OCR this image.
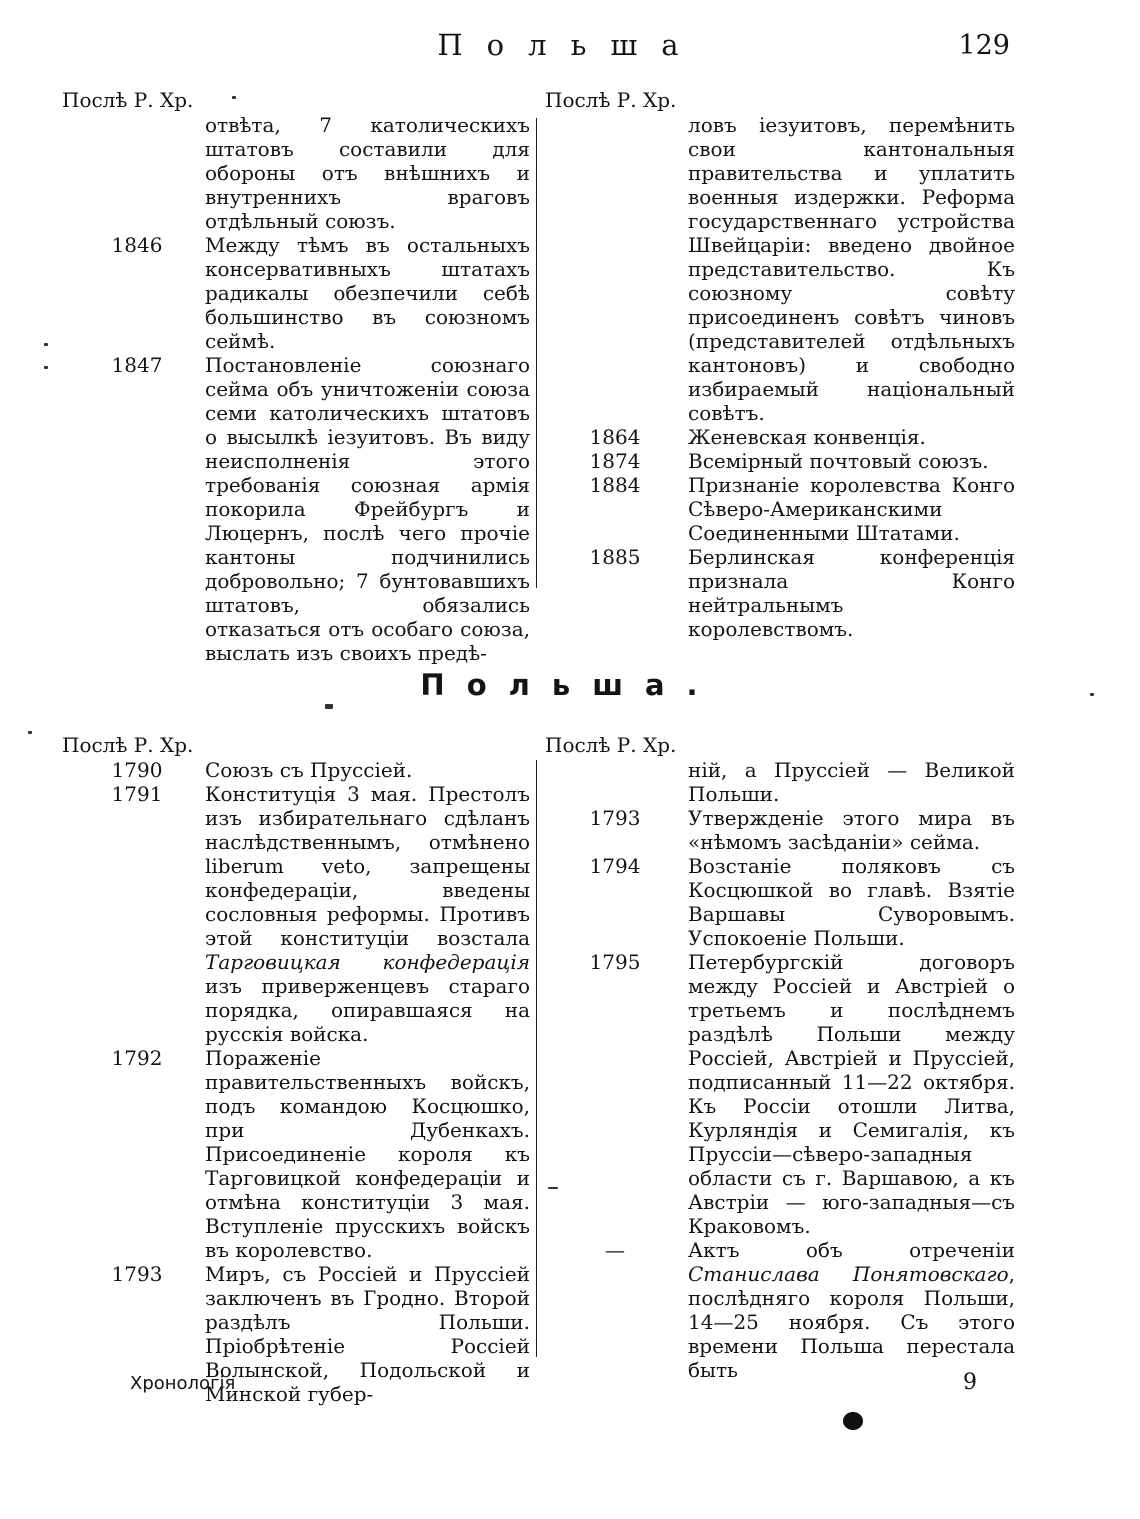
Польша	129
Послѣ Р. Хр.
отвѣта, 7 католическихъ штатовъ составили для обороны отъ внѣшнихъ и внутреннихъ враговъ отдѣльный союзъ.
1846	Между тѣмъ въ остальныхъ консервативныхъ штатахъ радикалы обезпечили себѣ большинство въ союзномъ сеймѣ.
1847	Постановленіе союзнаго сейма объ уничтоженіи союза семи католическихъ штатовъ о высылкѣ іезуитовъ. Въ виду неисполненія этого требованія союзная армія покорила Фрейбургъ и Люцернъ, послѣ чего прочіе кантоны подчинились добровольно; 7 бунтовавшихъ штатовъ, обязались отказаться отъ особаго союза, выслать изъ своихъ предѣ-
Послѣ Р. Хр.
ловъ іезуитовъ, перемѣнить свои кантональныя правительства и уплатить военныя издержки. Реформа государственнаго устройства Швейцаріи: введено двойное представительство. Къ союзному совѣту присоединенъ совѣтъ чиновъ (представителей отдѣльныхъ кантоновъ) и свободно избираемый національный совѣтъ.
1864	Женевская конвенція.
1874	Всемірный почтовый союзъ.
1884	Признаніе королевства Конго Сѣверо-Американскими Соединенными Штатами.
1885	Берлинская конференція признала Конго нейтральнымъ королевствомъ.
Польша.
Послѣ Р. Хр.
1790	Союзъ съ Пруссіей.
1791	Конституція 3 мая. Престолъ изъ избирательнаго сдѣланъ наслѣдственнымъ, отмѣнено liberum veto, запрещены конфедераціи, введены сословныя реформы. Противъ этой конституціи возстала Тарговицкая конфедерація изъ приверженцевъ стараго порядка, опиравшаяся на русскія войска.
1792	Пораженіе правительственныхъ войскъ, подъ командою Косцюшко, при Дубенкахъ. Присоединеніе короля къ Тарговицкой конфедераціи и отмѣна конституціи 3 мая. Вступленіе прусскихъ войскъ въ королевство.
1793	Миръ, съ Россіей и Пруссіей заключенъ въ Гродно. Второй раздѣлъ Польши. Пріобрѣтеніе Россіей Волынской, Подольской и Минской губер-
Послѣ Р. Хр.
ній, а Пруссіей — Великой Польши.
1793	Утвержденіе этого мира въ «нѣмомъ засѣданіи» сейма.
1794	Возстаніе поляковъ съ Косцюшкой во главѣ. Взятіе Варшавы Суворовымъ. Успокоеніе Польши.
1795	Петербургскій договоръ между Россіей и Австріей о третьемъ и послѣднемъ раздѣлѣ Польши между Россіей, Австріей и Пруссіей, подписанный 11—22 октября. Къ Россіи отошли Литва, Курляндія и Семигалія, къ Пруссіи—сѣверо-западныя области съ г. Варшавою, а къ Австріи — юго-западныя—съ Краковомъ.
—	Актъ объ отреченіи Станислава Понятовскаго, послѣдняго короля Польши, 14—25 ноября. Съ этого времени Польша перестала быть
Хронологія	9
